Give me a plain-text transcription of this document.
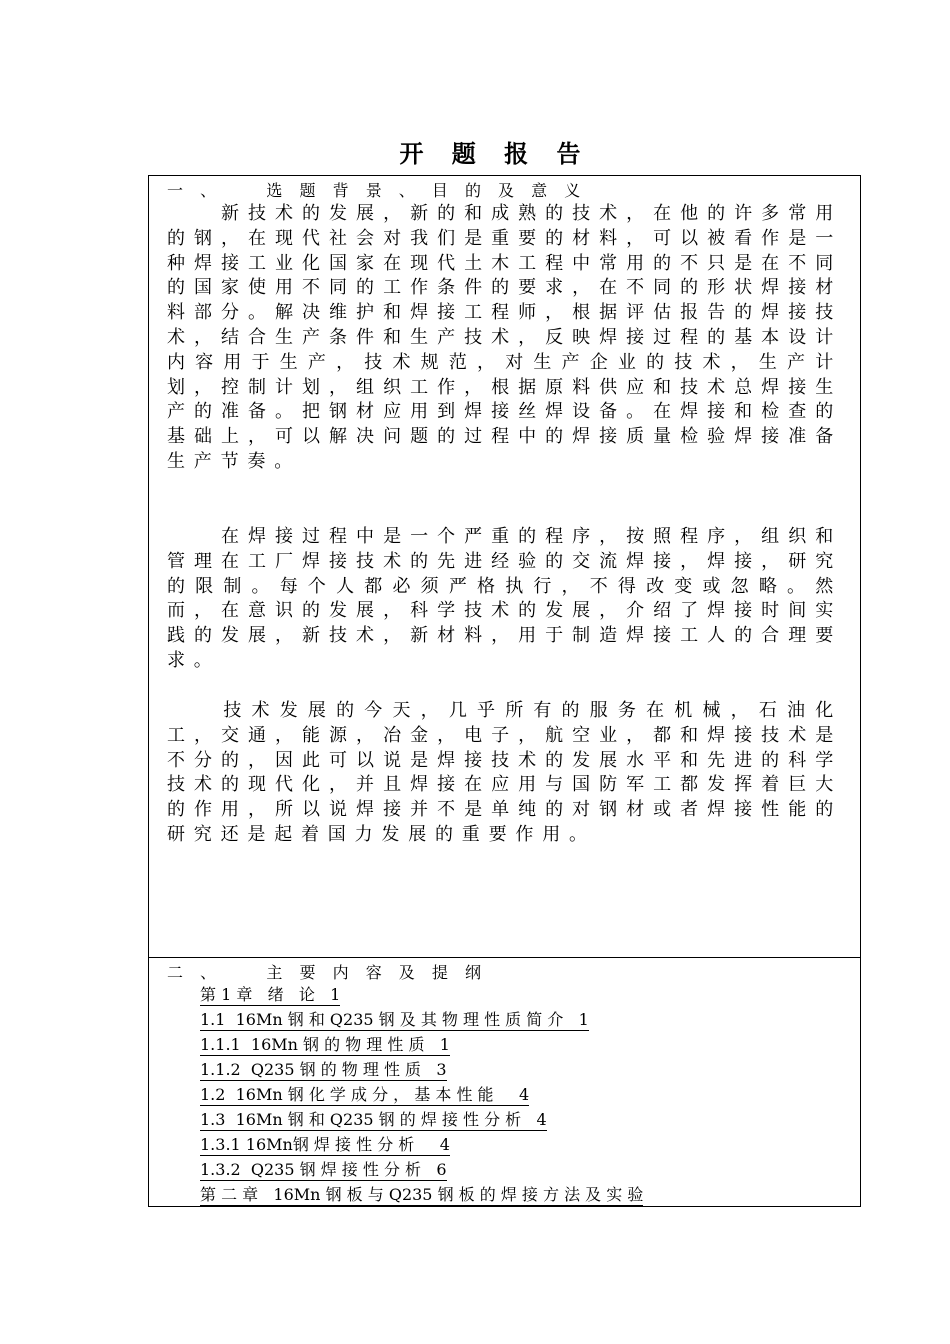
开 题 报 告
一 、    选 题 背 景 、 目 的 及 意 义
　　新技术的发展，新的和成熟的技术，在他的许多常用的钢，在现代社会对我们是重要的材料，可以被看作是一种焊接工业化国家在现代土木工程中常用的不只是在不同的国家使用不同的工作条件的要求，在不同的形状焊接材料部分。解决维护和焊接工程师，根据评估报告的焊接技术，结合生产条件和生产技术，反映焊接过程的基本设计内容用于生产，技术规范，对生产企业的技术，生产计划，控制计划，组织工作，根据原料供应和技术总焊接生产的准备。把钢材应用到焊接丝焊设备。在焊接和检查的基础上，可以解决问题的过程中的焊接质量检验焊接准备生产节奏。
　　在焊接过程中是一个严重的程序，按照程序，组织和管理在工厂焊接技术的先进经验的交流焊接，焊接，研究的限制。每个人都必须严格执行，不得改变或忽略。然而，在意识的发展，科学技术的发展，介绍了焊接时间实践的发展，新技术，新材料，用于制造焊接工人的合理要求。
　　技术发展的今天，几乎所有的服务在机械，石油化工，交通，能源，冶金，电子，航空业，都和焊接技术是不分的，因此可以说是焊接技术的发展水平和先进的科学技术的现代化，并且焊接在应用与国防军工都发挥着巨大的作用，所以说焊接并不是单纯的对钢材或者焊接性能的研究还是起着国力发展的重要作用。
二 、    主 要 内 容 及 提 纲
第 1 章   绪   论   1
1.1  16Mn 钢 和 Q235 钢 及 其 物 理 性 质 简 介   1
1.1.1  16Mn 钢 的 物 理 性 质   1
1.1.2  Q235 钢 的 物 理 性 质   3
1.2  16Mn 钢 化 学 成 分 ， 基 本 性 能     4
1.3  16Mn 钢 和 Q235 钢 的 焊 接 性 分 析   4
1.3.1 16Mn钢 焊 接 性 分 析     4
1.3.2  Q235 钢 焊 接 性 分 析   6
第 二 章   16Mn 钢 板 与 Q235 钢 板 的 焊 接 方 法 及 实 验
